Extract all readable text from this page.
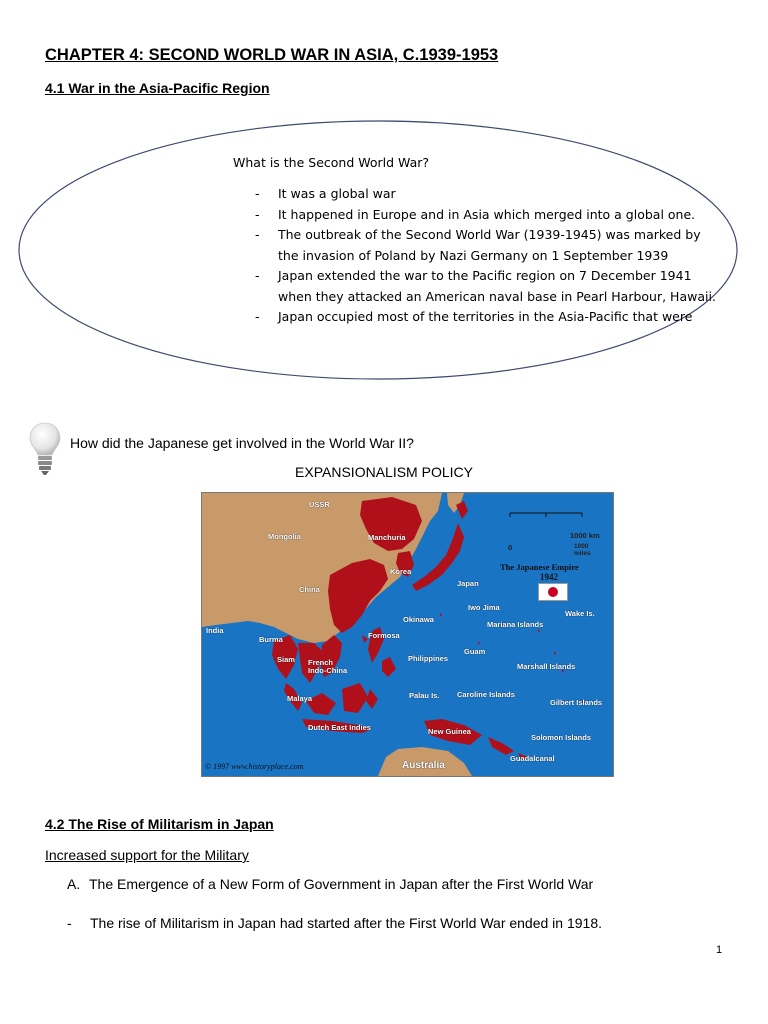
CHAPTER 4: SECOND WORLD WAR IN ASIA, C.1939-1953
4.1 War in the Asia-Pacific Region
What is the Second World War?
- It was a global war
- It happened in Europe and in Asia which merged into a global one.
- The outbreak of the Second World War (1939-1945) was marked by the invasion of Poland by Nazi Germany on 1 September 1939
- Japan extended the war to the Pacific region on 7 December 1941 when they attacked an American naval base in Pearl Harbour, Hawaii.
- Japan occupied most of the territories in the Asia-Pacific that were
How did the Japanese get involved in the World War II?
EXPANSIONALISM POLICY
USSR
Mongolia	Manchuria
Korea
China
Japan
India
Burma
Siam French
Indo-China
Formosa
Okinawa
Iwo Jima
Mariana Islands
Wake Is.
Philippines
Guam
Marshall Islands
Malaya	Palau Is. Caroline Islands
Gilbert Islands
Dutch East Indies	New Guinea
Solomon Islands
Guadalcanal
Australia
1000 km
0	1000
miles
The Japanese Empire
1942
© 1997 www.historyplace.com
4.2 The Rise of Militarism in Japan
Increased support for the Military
A. The Emergence of a New Form of Government in Japan after the First World War
- The rise of Militarism in Japan had started after the First World War ended in 1918.
1
